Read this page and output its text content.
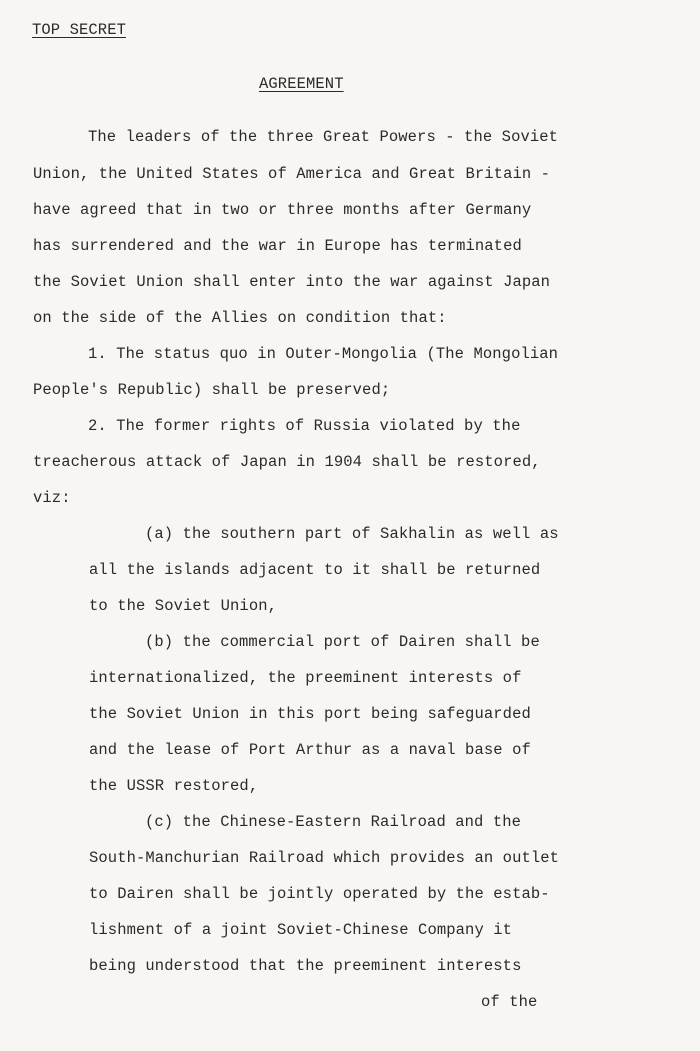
TOP SECRET
AGREEMENT
The leaders of the three Great Powers - the Soviet
Union, the United States of America and Great Britain -
have agreed that in two or three months after Germany
has surrendered and the war in Europe has terminated
the Soviet Union shall enter into the war against Japan
on the side of the Allies on condition that:
1. The status quo in Outer-Mongolia (The Mongolian
People's Republic) shall be preserved;
2. The former rights of Russia violated by the
treacherous attack of Japan in 1904 shall be restored,
viz:
(a) the southern part of Sakhalin as well as
all the islands adjacent to it shall be returned
to the Soviet Union,
(b) the commercial port of Dairen shall be
internationalized, the preeminent interests of
the Soviet Union in this port being safeguarded
and the lease of Port Arthur as a naval base of
the USSR restored,
(c) the Chinese-Eastern Railroad and the
South-Manchurian Railroad which provides an outlet
to Dairen shall be jointly operated by the estab-
lishment of a joint Soviet-Chinese Company it
being understood that the preeminent interests
of the
